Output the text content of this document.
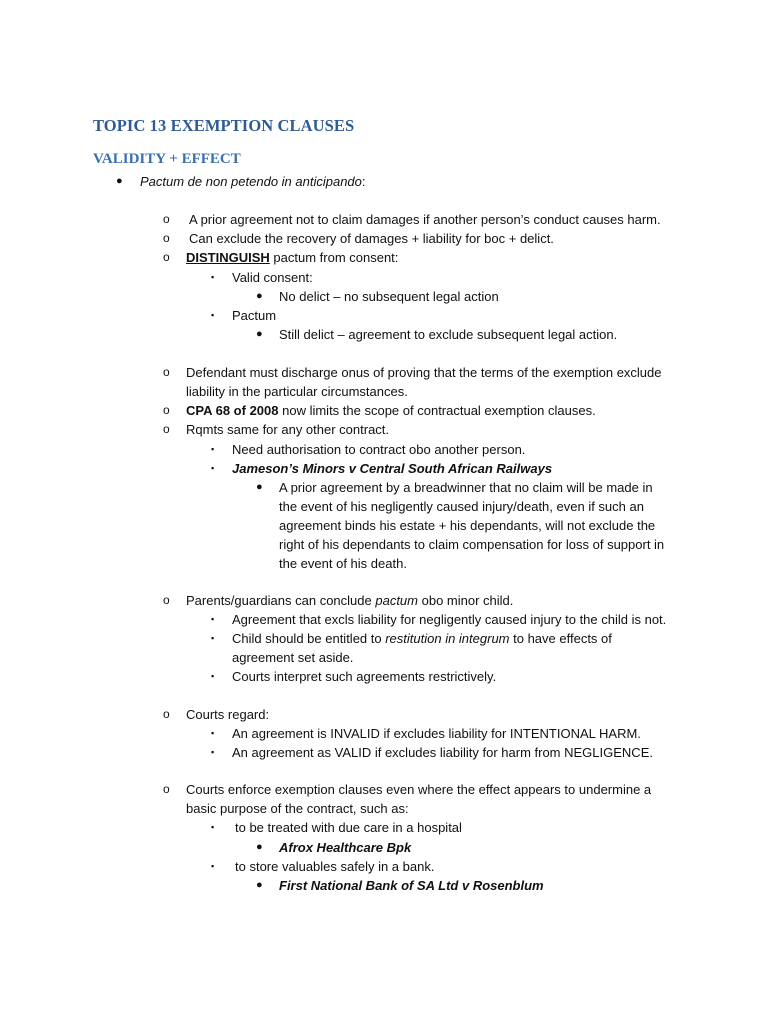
TOPIC 13 EXEMPTION CLAUSES
VALIDITY + EFFECT
● Pactum de non petendo in anticipando:
o A prior agreement not to claim damages if another person’s conduct causes harm.
o Can exclude the recovery of damages + liability for boc + delict.
o DISTINGUISH pactum from consent:
▪ Valid consent:
● No delict – no subsequent legal action
▪ Pactum
● Still delict – agreement to exclude subsequent legal action.
o Defendant must discharge onus of proving that the terms of the exemption exclude
liability in the particular circumstances.
o CPA 68 of 2008 now limits the scope of contractual exemption clauses.
o Rqmts same for any other contract.
▪ Need authorisation to contract obo another person.
▪ Jameson’s Minors v Central South African Railways
● A prior agreement by a breadwinner that no claim will be made in
the event of his negligently caused injury/death, even if such an
agreement binds his estate + his dependants, will not exclude the
right of his dependants to claim compensation for loss of support in
the event of his death.
o Parents/guardians can conclude pactum obo minor child.
▪ Agreement that excls liability for negligently caused injury to the child is not.
▪ Child should be entitled to restitution in integrum to have effects of
agreement set aside.
▪ Courts interpret such agreements restrictively.
o Courts regard:
▪ An agreement is INVALID if excludes liability for INTENTIONAL HARM.
▪ An agreement as VALID if excludes liability for harm from NEGLIGENCE.
o Courts enforce exemption clauses even where the effect appears to undermine a
basic purpose of the contract, such as:
▪ to be treated with due care in a hospital
● Afrox Healthcare Bpk
▪ to store valuables safely in a bank.
● First National Bank of SA Ltd v Rosenblum
